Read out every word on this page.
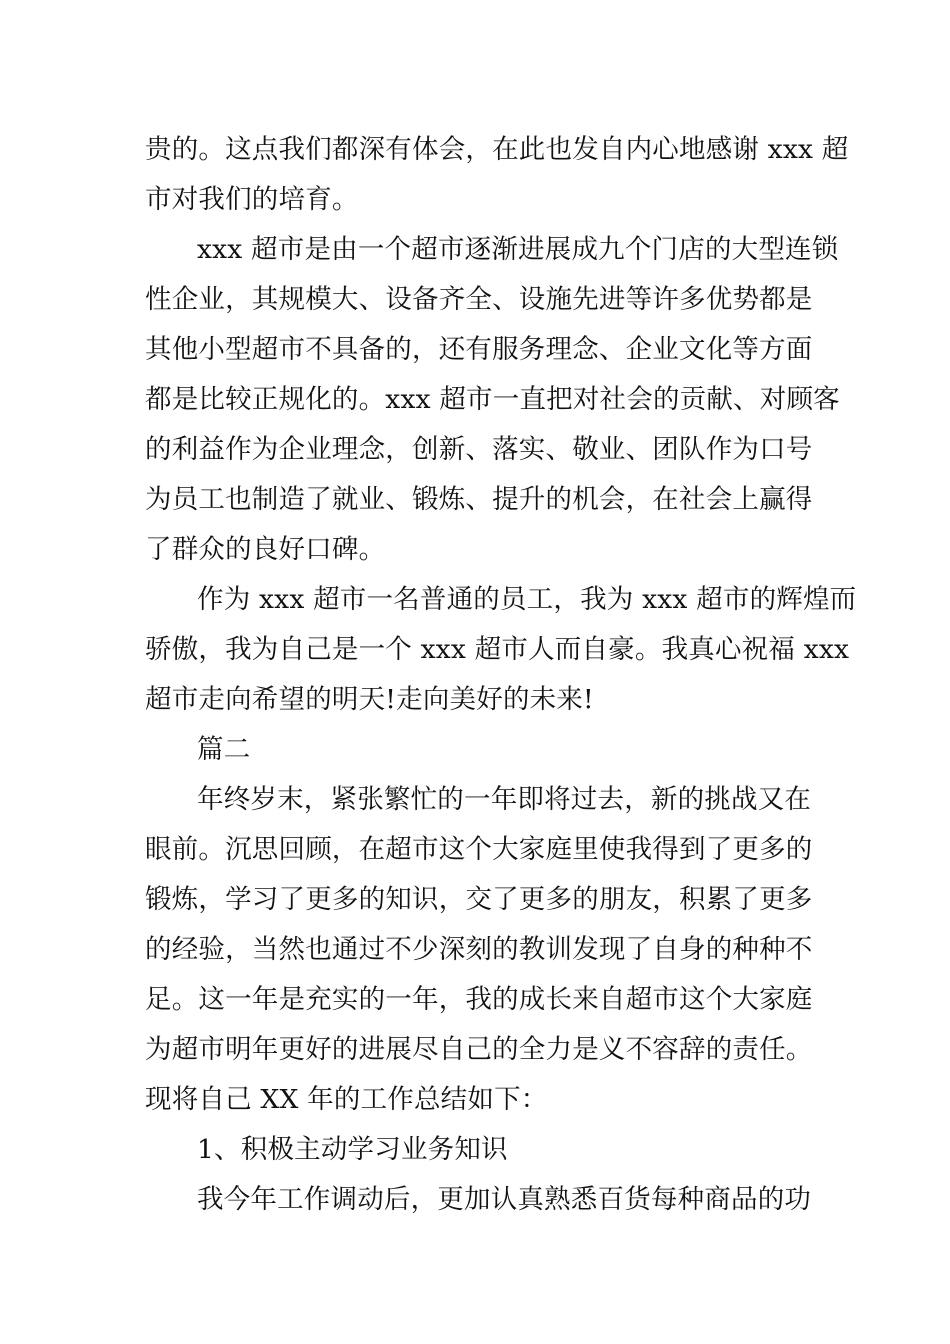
贵的。这点我们都深有体会，在此也发自内心地感谢 xxx 超
市对我们的培育。
xxx 超市是由一个超市逐渐进展成九个门店的大型连锁
性企业，其规模大、设备齐全、设施先进等许多优势都是
其他小型超市不具备的，还有服务理念、企业文化等方面
都是比较正规化的。xxx 超市一直把对社会的贡献、对顾客
的利益作为企业理念，创新、落实、敬业、团队作为口号
为员工也制造了就业、锻炼、提升的机会，在社会上赢得
了群众的良好口碑。
作为 xxx 超市一名普通的员工，我为 xxx 超市的辉煌而
骄傲，我为自己是一个 xxx 超市人而自豪。我真心祝福 xxx
超市走向希望的明天!走向美好的未来!
篇二
年终岁末，紧张繁忙的一年即将过去，新的挑战又在
眼前。沉思回顾，在超市这个大家庭里使我得到了更多的
锻炼，学习了更多的知识，交了更多的朋友，积累了更多
的经验，当然也通过不少深刻的教训发现了自身的种种不
足。这一年是充实的一年，我的成长来自超市这个大家庭
为超市明年更好的进展尽自己的全力是义不容辞的责任。
现将自己 XX 年的工作总结如下：
1、积极主动学习业务知识
我今年工作调动后，更加认真熟悉百货每种商品的功
